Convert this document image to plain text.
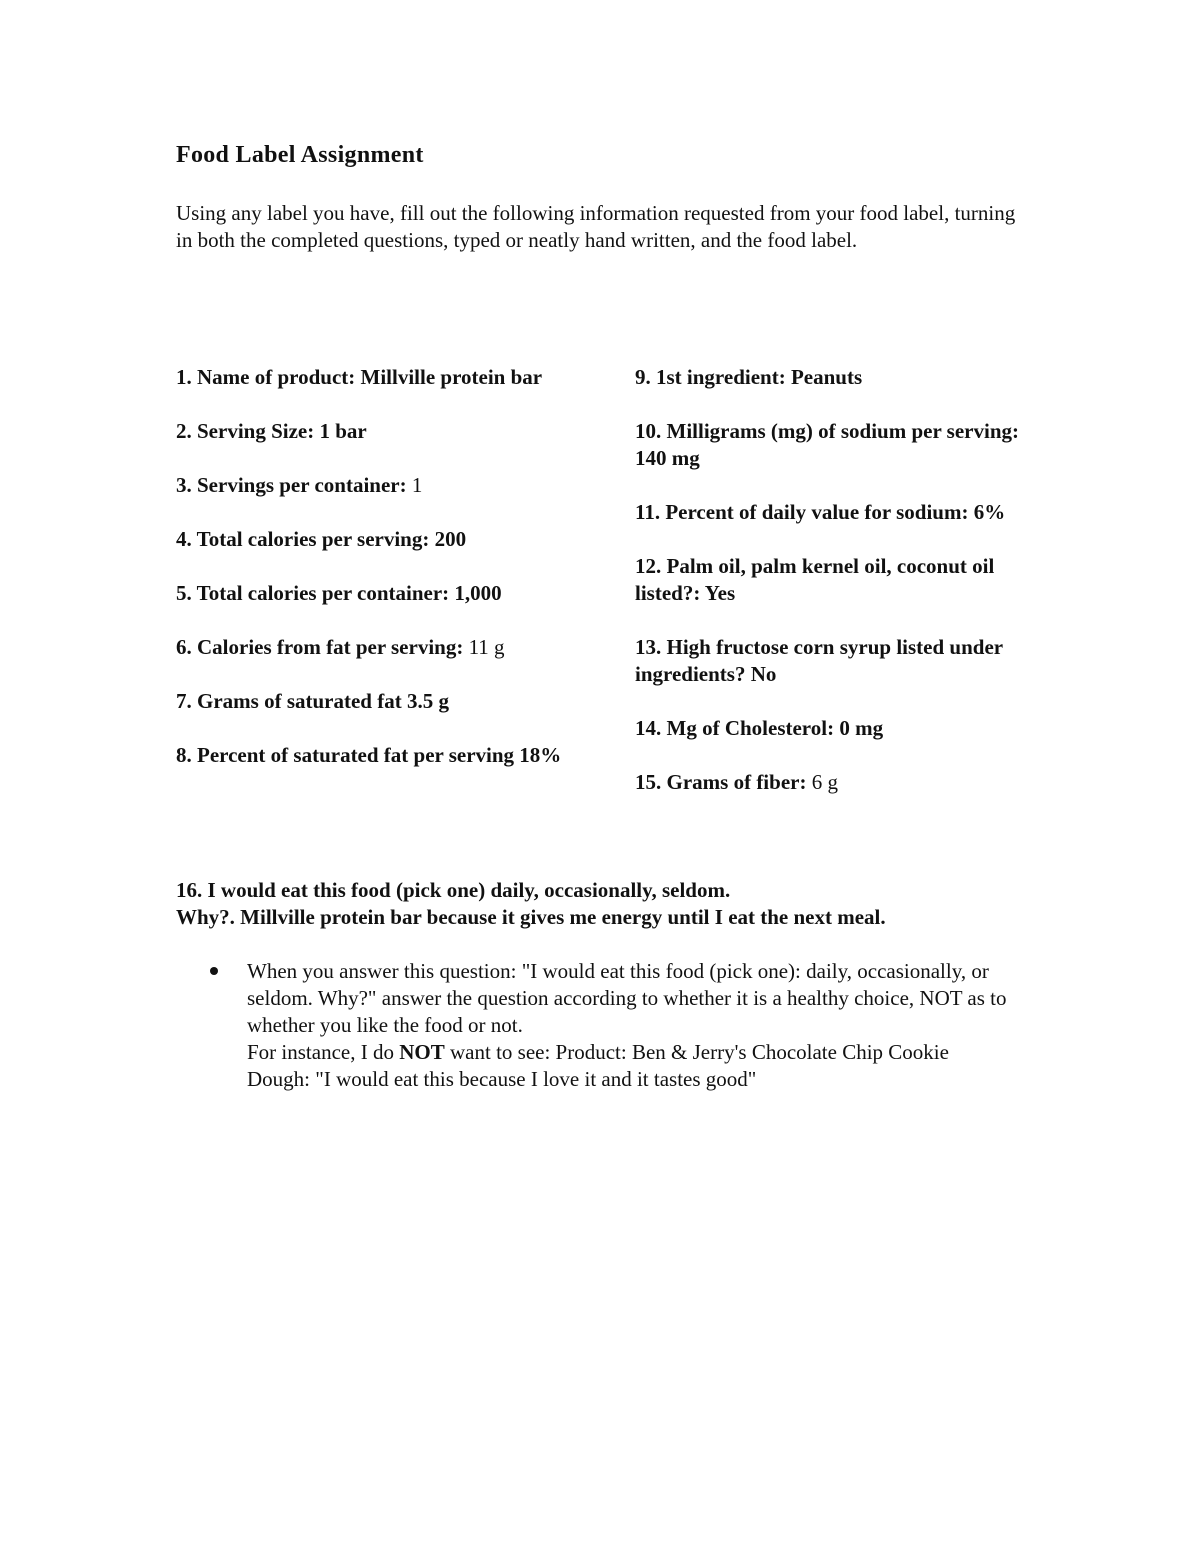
Food Label Assignment
Using any label you have, fill out the following information requested from your food label, turning in both the completed questions, typed or neatly hand written, and the food label.
1. Name of product: Millville protein bar
2. Serving Size: 1 bar
3. Servings per container: 1
4. Total calories per serving: 200
5. Total calories per container: 1,000
6. Calories from fat per serving: 11 g
7. Grams of saturated fat 3.5 g
8. Percent of saturated fat per serving 18%
9. 1st ingredient: Peanuts
10. Milligrams (mg) of sodium per serving: 140 mg
11. Percent of daily value for sodium: 6%
12. Palm oil, palm kernel oil, coconut oil listed?: Yes
13. High fructose corn syrup listed under ingredients? No
14. Mg of Cholesterol: 0 mg
15. Grams of fiber: 6 g
16. I would eat this food (pick one) daily, occasionally, seldom.
Why?. Millville protein bar because it gives me energy until I eat the next meal.
When you answer this question: "I would eat this food (pick one): daily, occasionally, or seldom. Why?" answer the question according to whether it is a healthy choice, NOT as to whether you like the food or not.
For instance, I do NOT want to see: Product: Ben & Jerry's Chocolate Chip Cookie Dough: "I would eat this because I love it and it tastes good"
